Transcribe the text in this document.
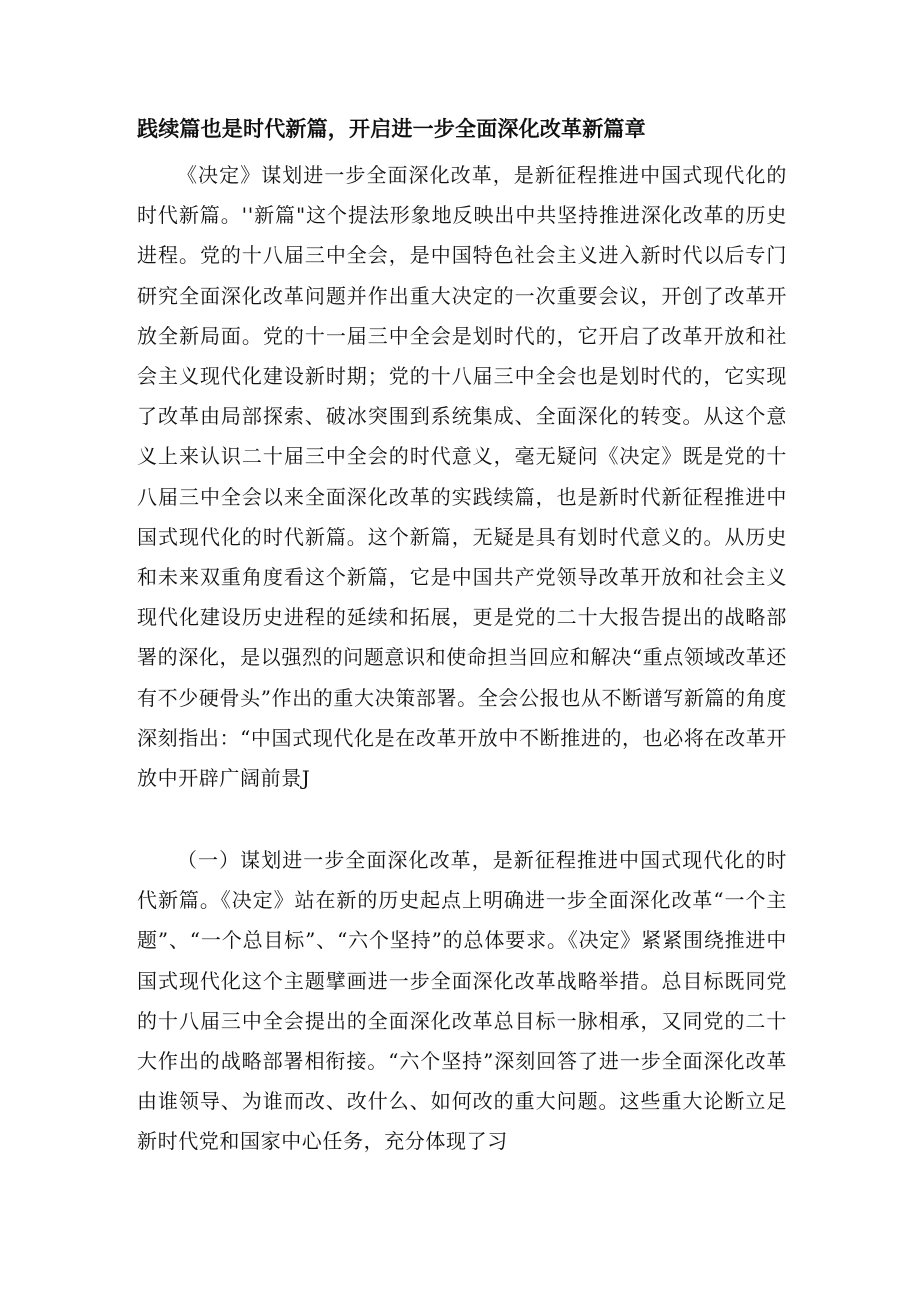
践续篇也是时代新篇，开启进一步全面深化改革新篇章

《决定》谋划进一步全面深化改革，是新征程推进中国式现代化的时代新篇。''新篇"这个提法形象地反映出中共坚持推进深化改革的历史进程。党的十八届三中全会，是中国特色社会主义进入新时代以后专门研究全面深化改革问题并作出重大决定的一次重要会议，开创了改革开放全新局面。党的十一届三中全会是划时代的，它开启了改革开放和社会主义现代化建设新时期；党的十八届三中全会也是划时代的，它实现了改革由局部探索、破冰突围到系统集成、全面深化的转变。从这个意义上来认识二十届三中全会的时代意义，毫无疑问《决定》既是党的十八届三中全会以来全面深化改革的实践续篇，也是新时代新征程推进中国式现代化的时代新篇。这个新篇，无疑是具有划时代意义的。从历史和未来双重角度看这个新篇，它是中国共产党领导改革开放和社会主义现代化建设历史进程的延续和拓展，更是党的二十大报告提出的战略部署的深化，是以强烈的问题意识和使命担当回应和解决“重点领域改革还有不少硬骨头”作出的重大决策部署。全会公报也从不断谱写新篇的角度深刻指出：“中国式现代化是在改革开放中不断推进的，也必将在改革开放中开辟广阔前景J

（一）谋划进一步全面深化改革，是新征程推进中国式现代化的时代新篇。《决定》站在新的历史起点上明确进一步全面深化改革“一个主题”、“一个总目标”、“六个坚持”的总体要求。《决定》紧紧围绕推进中国式现代化这个主题擘画进一步全面深化改革战略举措。总目标既同党的十八届三中全会提出的全面深化改革总目标一脉相承，又同党的二十大作出的战略部署相衔接。“六个坚持”深刻回答了进一步全面深化改革由谁领导、为谁而改、改什么、如何改的重大问题。这些重大论断立足新时代党和国家中心任务，充分体现了习
